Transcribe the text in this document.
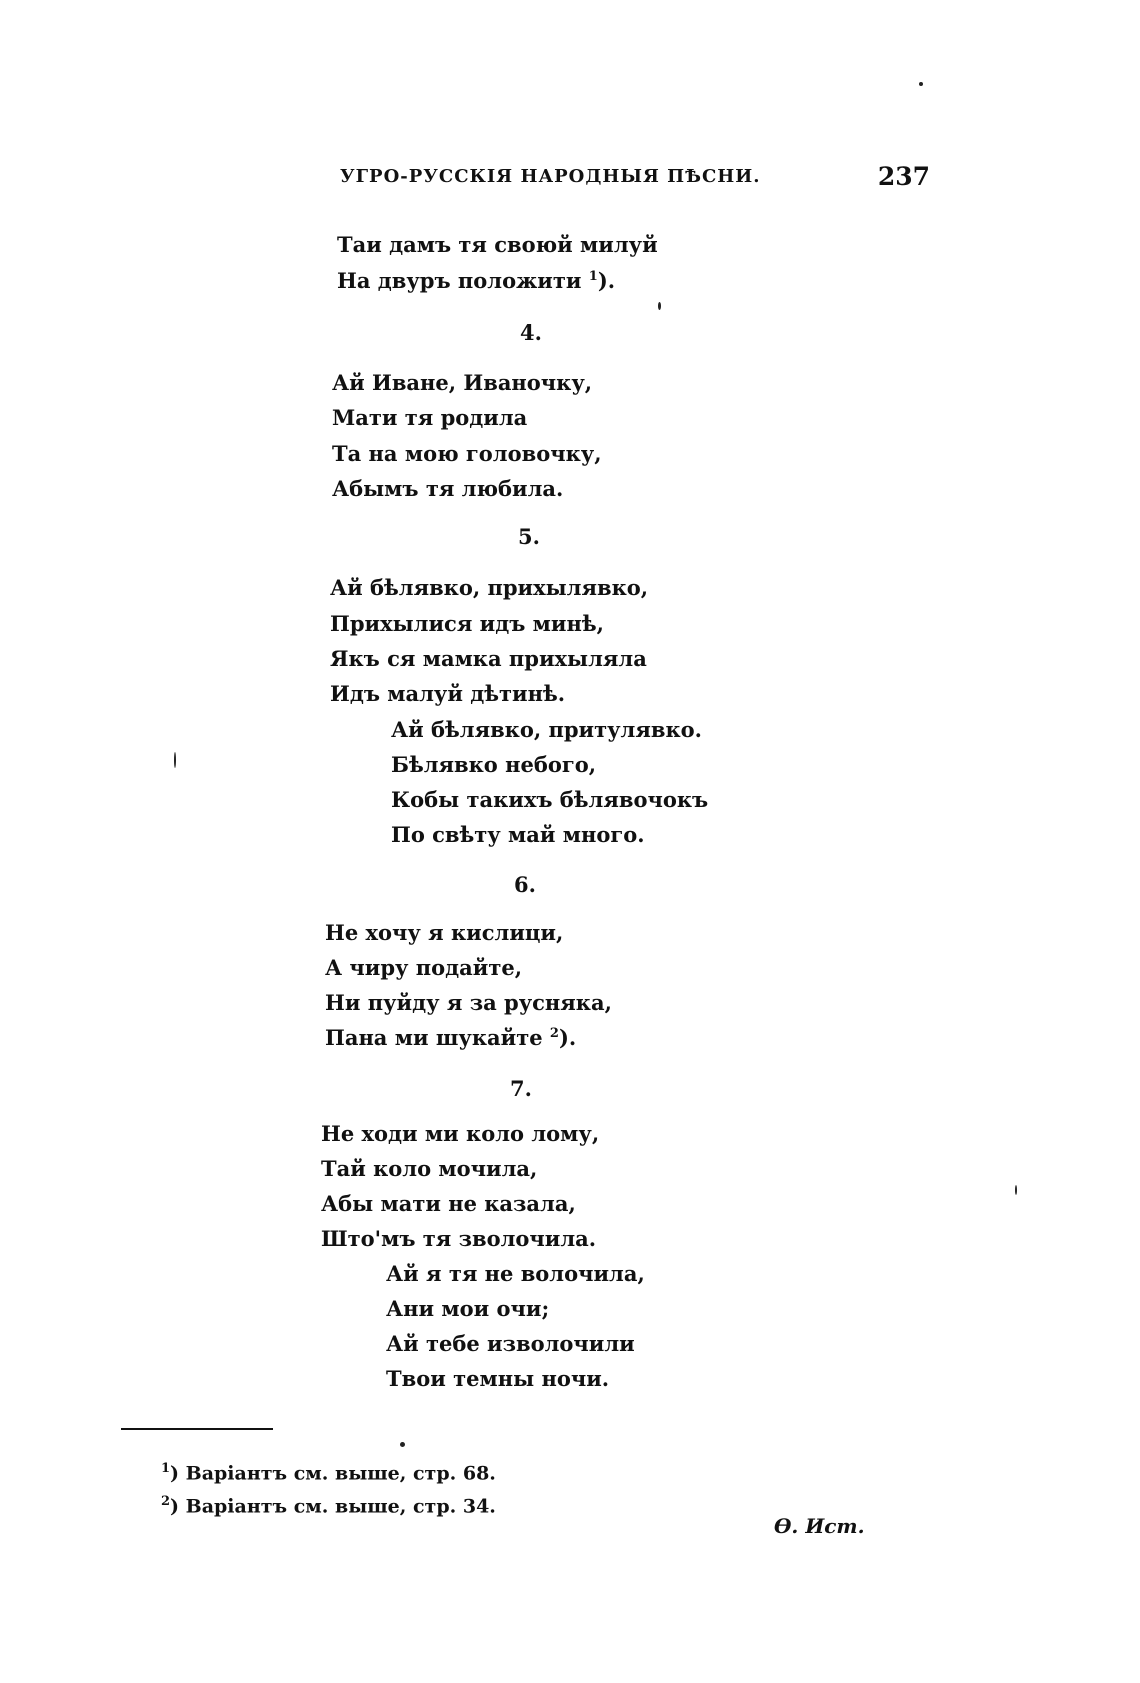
УГРО-РУССКІЯ НАРОДНЫЯ ПѢСНИ.	237
Таи дамъ тя своюй милуй
На двуръ положити $^1$).
4.
Ай Иване, Иваночку,
Мати тя родила
Та на мою головочку,
Абымъ тя любила.
5.
Ай бѣлявко, прихылявко,
Прихылися идъ минѣ,
Якъ ся мамка прихыляла
Идъ малуй дѣтинѣ.
Ай бѣлявко, притулявко.
Бѣлявко небого,
Кобы такихъ бѣлявочокъ
По свѣту май много.
6.
Не хочу я кислици,
А чиру подайте,
Ни пуйду я за русняка,
Пана ми шукайте $^2$).
7.
Не ходи ми коло лому,
Тай коло мочила,
Абы мати не казала,
Што'мъ тя зволочила.
Ай я тя не волочила,
Ани мои очи;
Ай тебе изволочили
Твои темны ночи.
$^1$) Варіантъ см. выше, стр. 68.
$^2$) Варіантъ см. выше, стр. 34.
Ѳ. Ист.
